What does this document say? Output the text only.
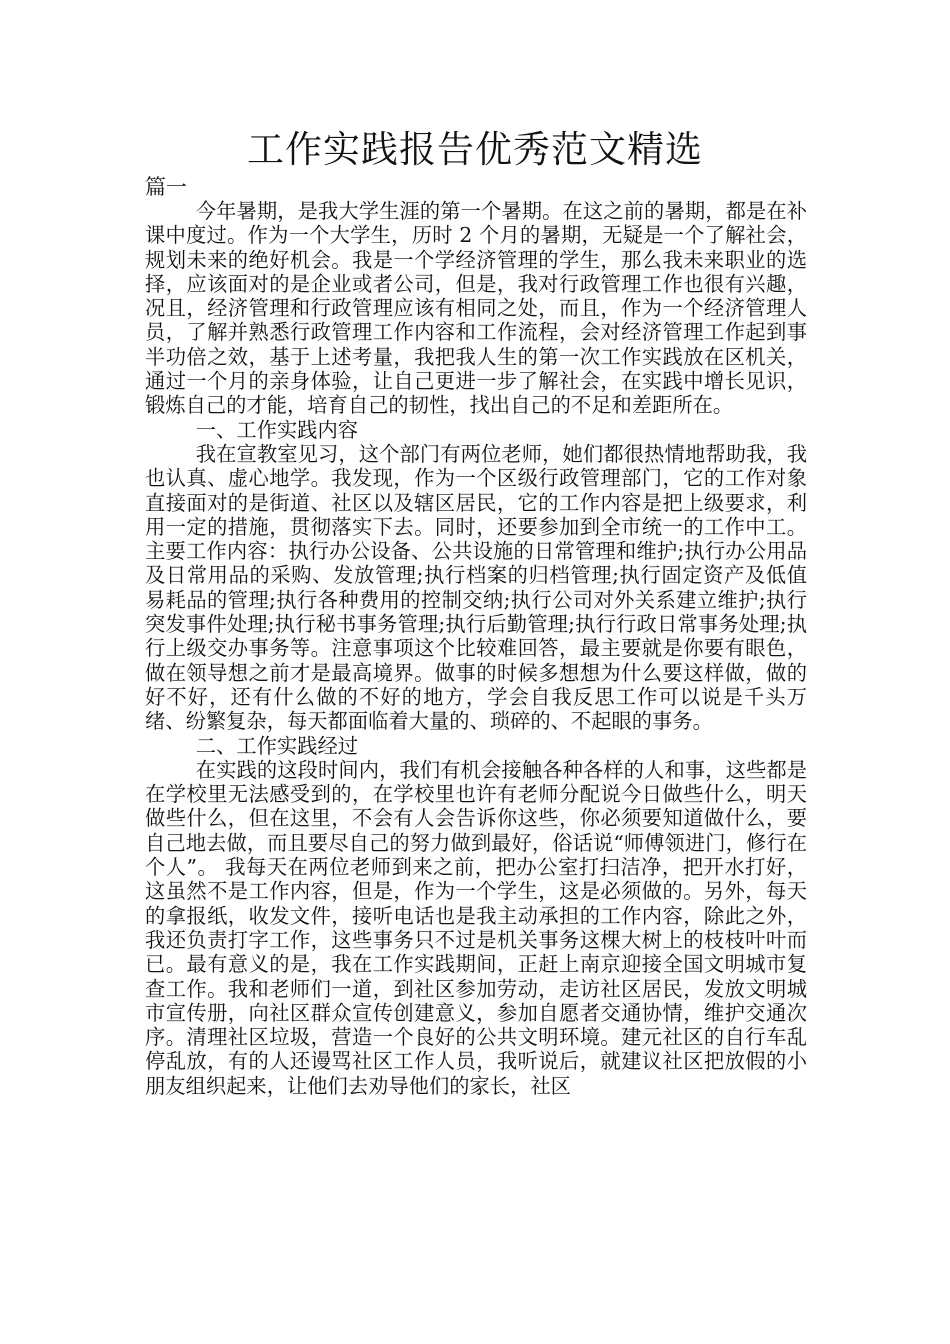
工作实践报告优秀范文精选
篇一

今年暑期，是我大学生涯的第一个暑期。在这之前的暑期，都是在补课中度过。作为一个大学生，历时 2 个月的暑期，无疑是一个了解社会，规划未来的绝好机会。我是一个学经济管理的学生，那么我未来职业的选择，应该面对的是企业或者公司，但是，我对行政管理工作也很有兴趣，况且，经济管理和行政管理应该有相同之处，而且，作为一个经济管理人员，了解并熟悉行政管理工作内容和工作流程，会对经济管理工作起到事半功倍之效，基于上述考量，我把我人生的第一次工作实践放在区机关，通过一个月的亲身体验，让自己更进一步了解社会，在实践中增长见识，锻炼自己的才能，培育自己的韧性，找出自己的不足和差距所在。

一、工作实践内容

我在宣教室见习，这个部门有两位老师，她们都很热情地帮助我，我也认真、虚心地学。我发现，作为一个区级行政管理部门，它的工作对象直接面对的是街道、社区以及辖区居民，它的工作内容是把上级要求，利用一定的措施，贯彻落实下去。同时，还要参加到全市统一的工作中工。主要工作内容：执行办公设备、公共设施的日常管理和维护;执行办公用品及日常用品的采购、发放管理;执行档案的归档管理;执行固定资产及低值易耗品的管理;执行各种费用的控制交纳;执行公司对外关系建立维护;执行突发事件处理;执行秘书事务管理;执行后勤管理;执行行政日常事务处理;执行上级交办事务等。注意事项这个比较难回答，最主要就是你要有眼色，做在领导想之前才是最高境界。做事的时候多想想为什么要这样做，做的好不好，还有什么做的不好的地方，学会自我反思工作可以说是千头万绪、纷繁复杂，每天都面临着大量的、琐碎的、不起眼的事务。

二、工作实践经过

在实践的这段时间内，我们有机会接触各种各样的人和事，这些都是在学校里无法感受到的，在学校里也许有老师分配说今日做些什么，明天做些什么，但在这里，不会有人会告诉你这些，你必须要知道做什么，要自己地去做，而且要尽自己的努力做到最好，俗话说“师傅领进门，修行在个人”。 我每天在两位老师到来之前，把办公室打扫洁净，把开水打好，这虽然不是工作内容，但是，作为一个学生，这是必须做的。另外，每天的拿报纸，收发文件，接听电话也是我主动承担的工作内容，除此之外，我还负责打字工作，这些事务只不过是机关事务这棵大树上的枝枝叶叶而已。最有意义的是，我在工作实践期间，正赶上南京迎接全国文明城市复查工作。我和老师们一道，到社区参加劳动，走访社区居民，发放文明城市宣传册，向社区群众宣传创建意义，参加自愿者交通协情，维护交通次序。清理社区垃圾，营造一个良好的公共文明环境。建元社区的自行车乱停乱放，有的人还谩骂社区工作人员，我听说后，就建议社区把放假的小朋友组织起来，让他们去劝导他们的家长，社区
